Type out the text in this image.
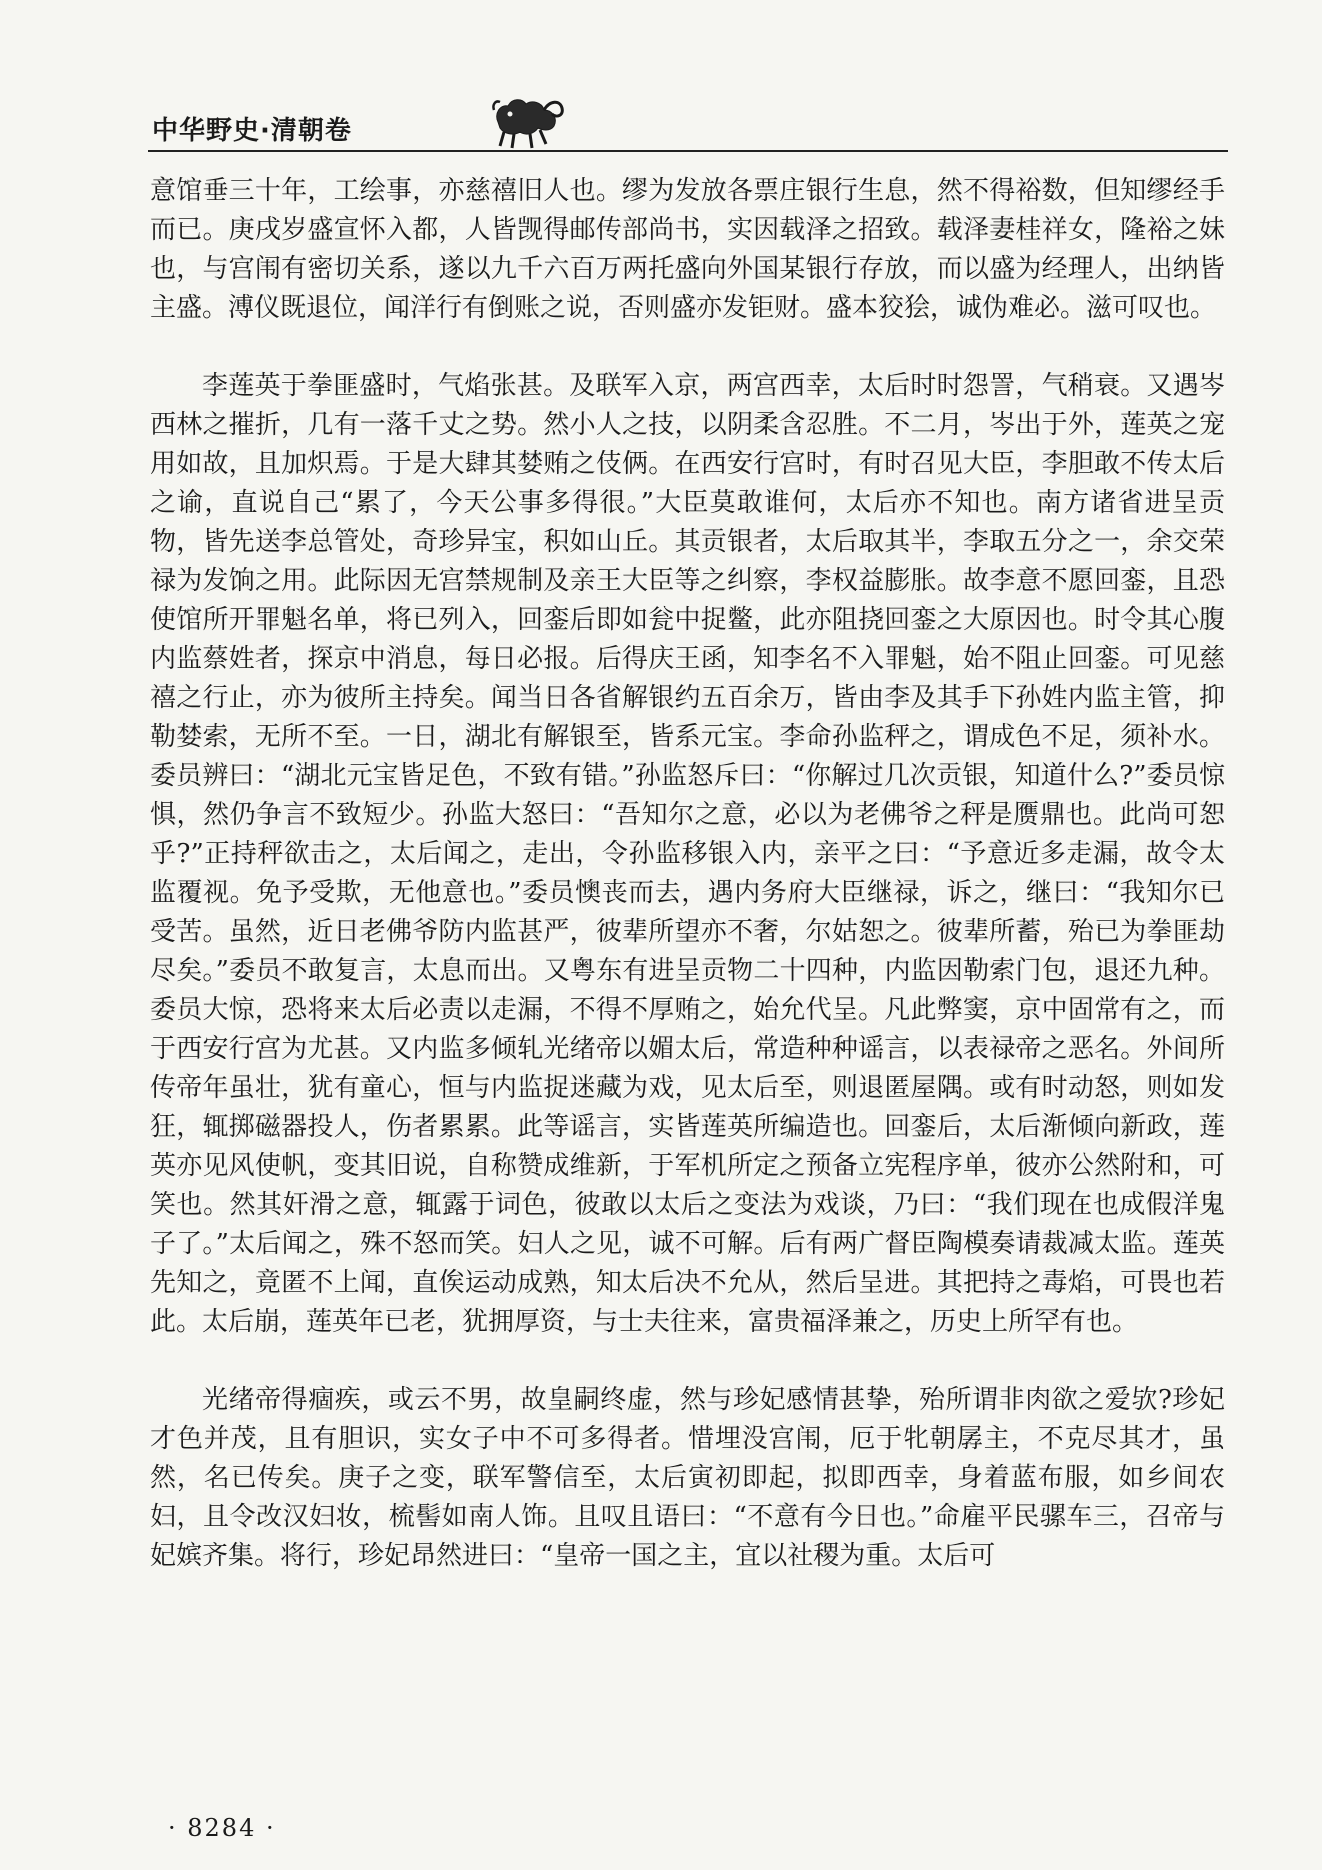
中华野史·清朝卷

意馆垂三十年，工绘事，亦慈禧旧人也。缪为发放各票庄银行生息，然不得裕数，但知缪经手而已。庚戌岁盛宣怀入都，人皆觊得邮传部尚书，实因载泽之招致。载泽妻桂祥女，隆裕之妹也，与宫闱有密切关系，遂以九千六百万两托盛向外国某银行存放，而以盛为经理人，出纳皆主盛。溥仪既退位，闻洋行有倒账之说，否则盛亦发钜财。盛本狡狯，诚伪难必。滋可叹也。

李莲英于拳匪盛时，气焰张甚。及联军入京，两宫西幸，太后时时怨詈，气稍衰。又遇岑西林之摧折，几有一落千丈之势。然小人之技，以阴柔含忍胜。不二月，岑出于外，莲英之宠用如故，且加炽焉。于是大肆其婪贿之伎俩。在西安行宫时，有时召见大臣，李胆敢不传太后之谕，直说自己“累了，今天公事多得很。”大臣莫敢谁何，太后亦不知也。南方诸省进呈贡物，皆先送李总管处，奇珍异宝，积如山丘。其贡银者，太后取其半，李取五分之一，余交荣禄为发饷之用。此际因无宫禁规制及亲王大臣等之纠察，李权益膨胀。故李意不愿回銮，且恐使馆所开罪魁名单，将已列入，回銮后即如瓮中捉鳖，此亦阻挠回銮之大原因也。时令其心腹内监蔡姓者，探京中消息，每日必报。后得庆王函，知李名不入罪魁，始不阻止回銮。可见慈禧之行止，亦为彼所主持矣。闻当日各省解银约五百余万，皆由李及其手下孙姓内监主管，抑勒婪索，无所不至。一日，湖北有解银至，皆系元宝。李命孙监秤之，谓成色不足，须补水。委员辨曰：“湖北元宝皆足色，不致有错。”孙监怒斥曰：“你解过几次贡银，知道什么?”委员惊惧，然仍争言不致短少。孙监大怒曰：“吾知尔之意，必以为老佛爷之秤是赝鼎也。此尚可恕乎?”正持秤欲击之，太后闻之，走出，令孙监移银入内，亲平之曰：“予意近多走漏，故令太监覆视。免予受欺，无他意也。”委员懊丧而去，遇内务府大臣继禄，诉之，继曰：“我知尔已受苦。虽然，近日老佛爷防内监甚严，彼辈所望亦不奢，尔姑恕之。彼辈所蓄，殆已为拳匪劫尽矣。”委员不敢复言，太息而出。又粤东有进呈贡物二十四种，内监因勒索门包，退还九种。委员大惊，恐将来太后必责以走漏，不得不厚贿之，始允代呈。凡此弊窦，京中固常有之，而于西安行宫为尤甚。又内监多倾轧光绪帝以媚太后，常造种种谣言，以表禄帝之恶名。外间所传帝年虽壮，犹有童心，恒与内监捉迷藏为戏，见太后至，则退匿屋隅。或有时动怒，则如发狂，辄掷磁器投人，伤者累累。此等谣言，实皆莲英所编造也。回銮后，太后渐倾向新政，莲英亦见风使帆，变其旧说，自称赞成维新，于军机所定之预备立宪程序单，彼亦公然附和，可笑也。然其奸滑之意，辄露于词色，彼敢以太后之变法为戏谈，乃曰：“我们现在也成假洋鬼子了。”太后闻之，殊不怒而笑。妇人之见，诚不可解。后有两广督臣陶模奏请裁减太监。莲英先知之，竟匿不上闻，直俟运动成熟，知太后决不允从，然后呈进。其把持之毒焰，可畏也若此。太后崩，莲英年已老，犹拥厚资，与士夫往来，富贵福泽兼之，历史上所罕有也。

光绪帝得痼疾，或云不男，故皇嗣终虚，然与珍妃感情甚挚，殆所谓非肉欲之爱欤?珍妃才色并茂，且有胆识，实女子中不可多得者。惜埋没宫闱，厄于牝朝孱主，不克尽其才，虽然，名已传矣。庚子之变，联军警信至，太后寅初即起，拟即西幸，身着蓝布服，如乡间农妇，且令改汉妇妆，梳髻如南人饰。且叹且语曰：“不意有今日也。”命雇平民骡车三，召帝与妃嫔齐集。将行，珍妃昂然进曰：“皇帝一国之主，宜以社稷为重。太后可

· 8284 ·
